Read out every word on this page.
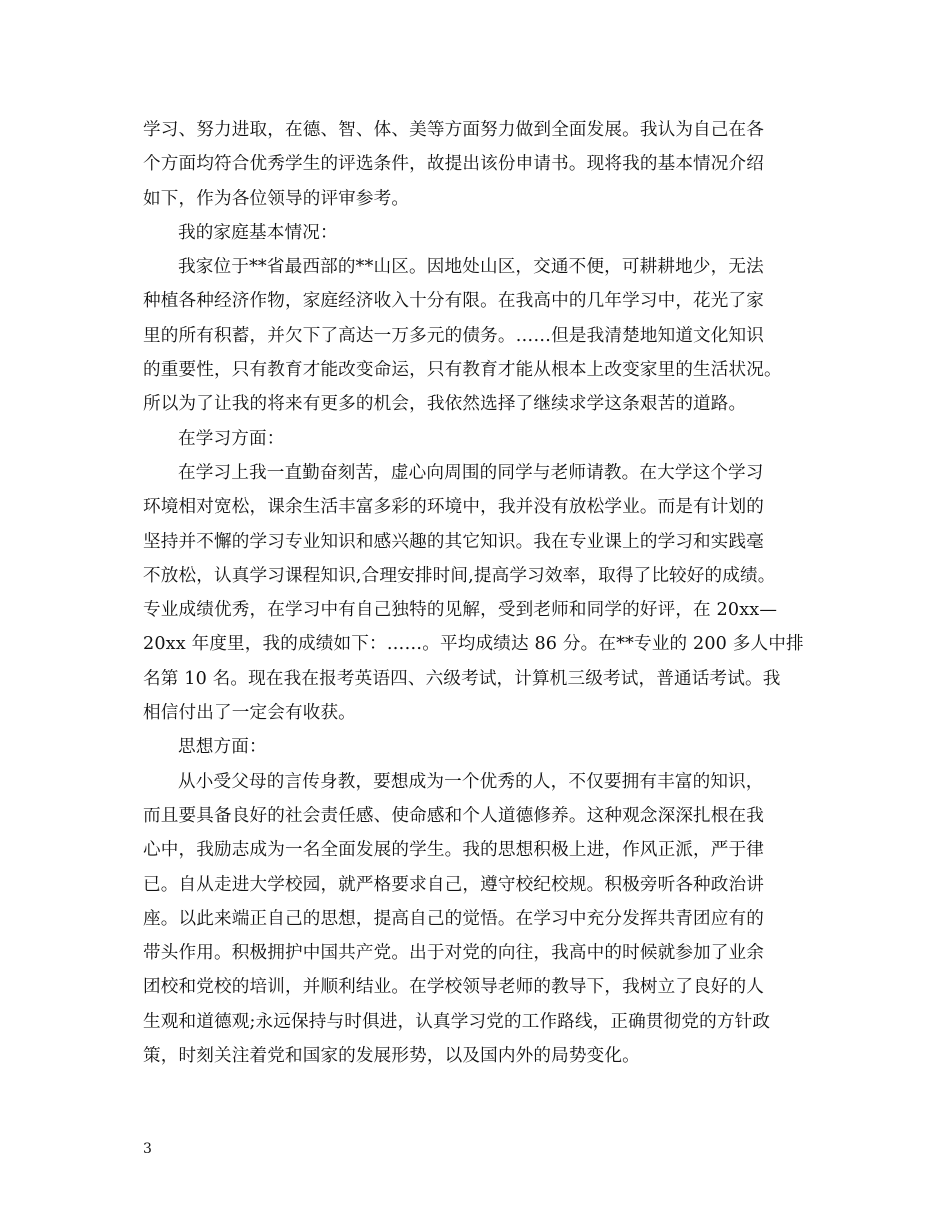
学习、努力进取，在德、智、体、美等方面努力做到全面发展。我认为自己在各
个方面均符合优秀学生的评选条件，故提出该份申请书。现将我的基本情况介绍
如下，作为各位领导的评审参考。
我的家庭基本情况：
我家位于**省最西部的**山区。因地处山区，交通不便，可耕耕地少，无法
种植各种经济作物，家庭经济收入十分有限。在我高中的几年学习中，花光了家
里的所有积蓄，并欠下了高达一万多元的债务。……但是我清楚地知道文化知识
的重要性，只有教育才能改变命运，只有教育才能从根本上改变家里的生活状况。
所以为了让我的将来有更多的机会，我依然选择了继续求学这条艰苦的道路。
在学习方面：
在学习上我一直勤奋刻苦，虚心向周围的同学与老师请教。在大学这个学习
环境相对宽松，课余生活丰富多彩的环境中，我并没有放松学业。而是有计划的
坚持并不懈的学习专业知识和感兴趣的其它知识。我在专业课上的学习和实践毫
不放松，认真学习课程知识,合理安排时间,提高学习效率，取得了比较好的成绩。
专业成绩优秀，在学习中有自己独特的见解，受到老师和同学的好评，在 20xx—
20xx 年度里，我的成绩如下：……。平均成绩达 86 分。在**专业的 200 多人中排
名第 10 名。现在我在报考英语四、六级考试，计算机三级考试，普通话考试。我
相信付出了一定会有收获。
思想方面：
从小受父母的言传身教，要想成为一个优秀的人，不仅要拥有丰富的知识，
而且要具备良好的社会责任感、使命感和个人道德修养。这种观念深深扎根在我
心中，我励志成为一名全面发展的学生。我的思想积极上进，作风正派，严于律
已。自从走进大学校园，就严格要求自己，遵守校纪校规。积极旁听各种政治讲
座。以此来端正自己的思想，提高自己的觉悟。在学习中充分发挥共青团应有的
带头作用。积极拥护中国共产党。出于对党的向往，我高中的时候就参加了业余
团校和党校的培训，并顺利结业。在学校领导老师的教导下，我树立了良好的人
生观和道德观;永远保持与时俱进，认真学习党的工作路线，正确贯彻党的方针政
策，时刻关注着党和国家的发展形势，以及国内外的局势变化。
3
